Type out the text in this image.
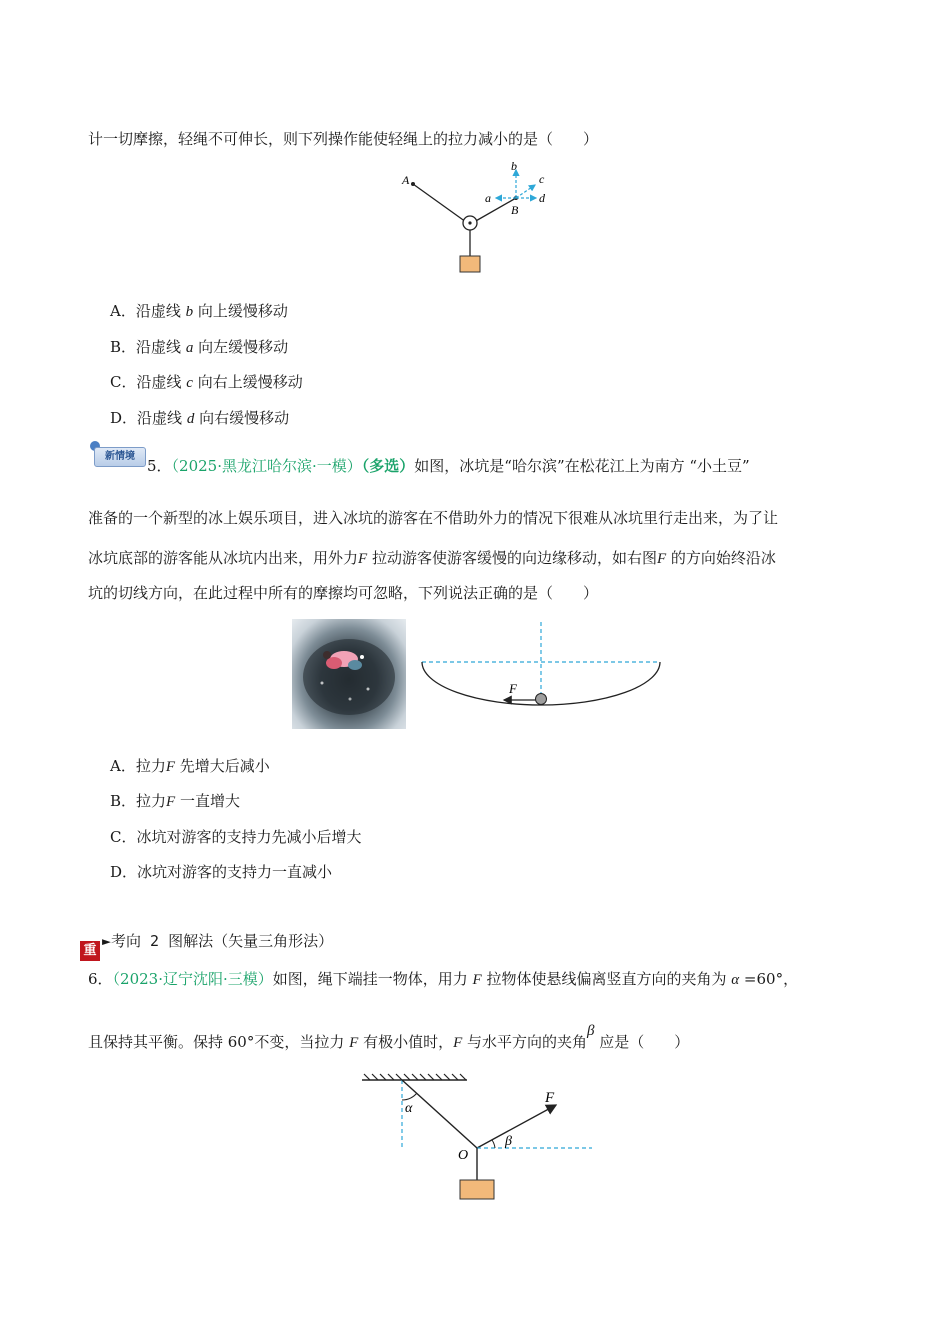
计一切摩擦，轻绳不可伸长，则下列操作能使轻绳上的拉力减小的是（　　）
A
B
b
a
c
d
A．沿虚线 b 向上缓慢移动
B．沿虚线 a 向左缓慢移动
C．沿虚线 c 向右上缓慢移动
D．沿虚线 d 向右缓慢移动
新情境
5．（2025·黑龙江哈尔滨·一模）（多选）如图，冰坑是“哈尔滨”在松花江上为南方 “小土豆”
准备的一个新型的冰上娱乐项目，进入冰坑的游客在不借助外力的情况下很难从冰坑里行走出来，为了让
冰坑底部的游客能从冰坑内出来，用外力F 拉动游客使游客缓慢的向边缘移动，如右图F 的方向始终沿冰
坑的切线方向，在此过程中所有的摩擦均可忽略，下列说法正确的是（　　）
F
A．拉力F 先增大后减小
B．拉力F 一直增大
C．冰坑对游客的支持力先减小后增大
D．冰坑对游客的支持力一直减小
重
►考向 2 图解法（矢量三角形法）
6．（2023·辽宁沈阳·三模）如图，绳下端挂一物体，用力 F 拉物体使悬线偏离竖直方向的夹角为 α =60°，
且保持其平衡。保持 60°不变，当拉力 F 有极小值时，F 与水平方向的夹角β 应是（　　）
α
β
F
O
